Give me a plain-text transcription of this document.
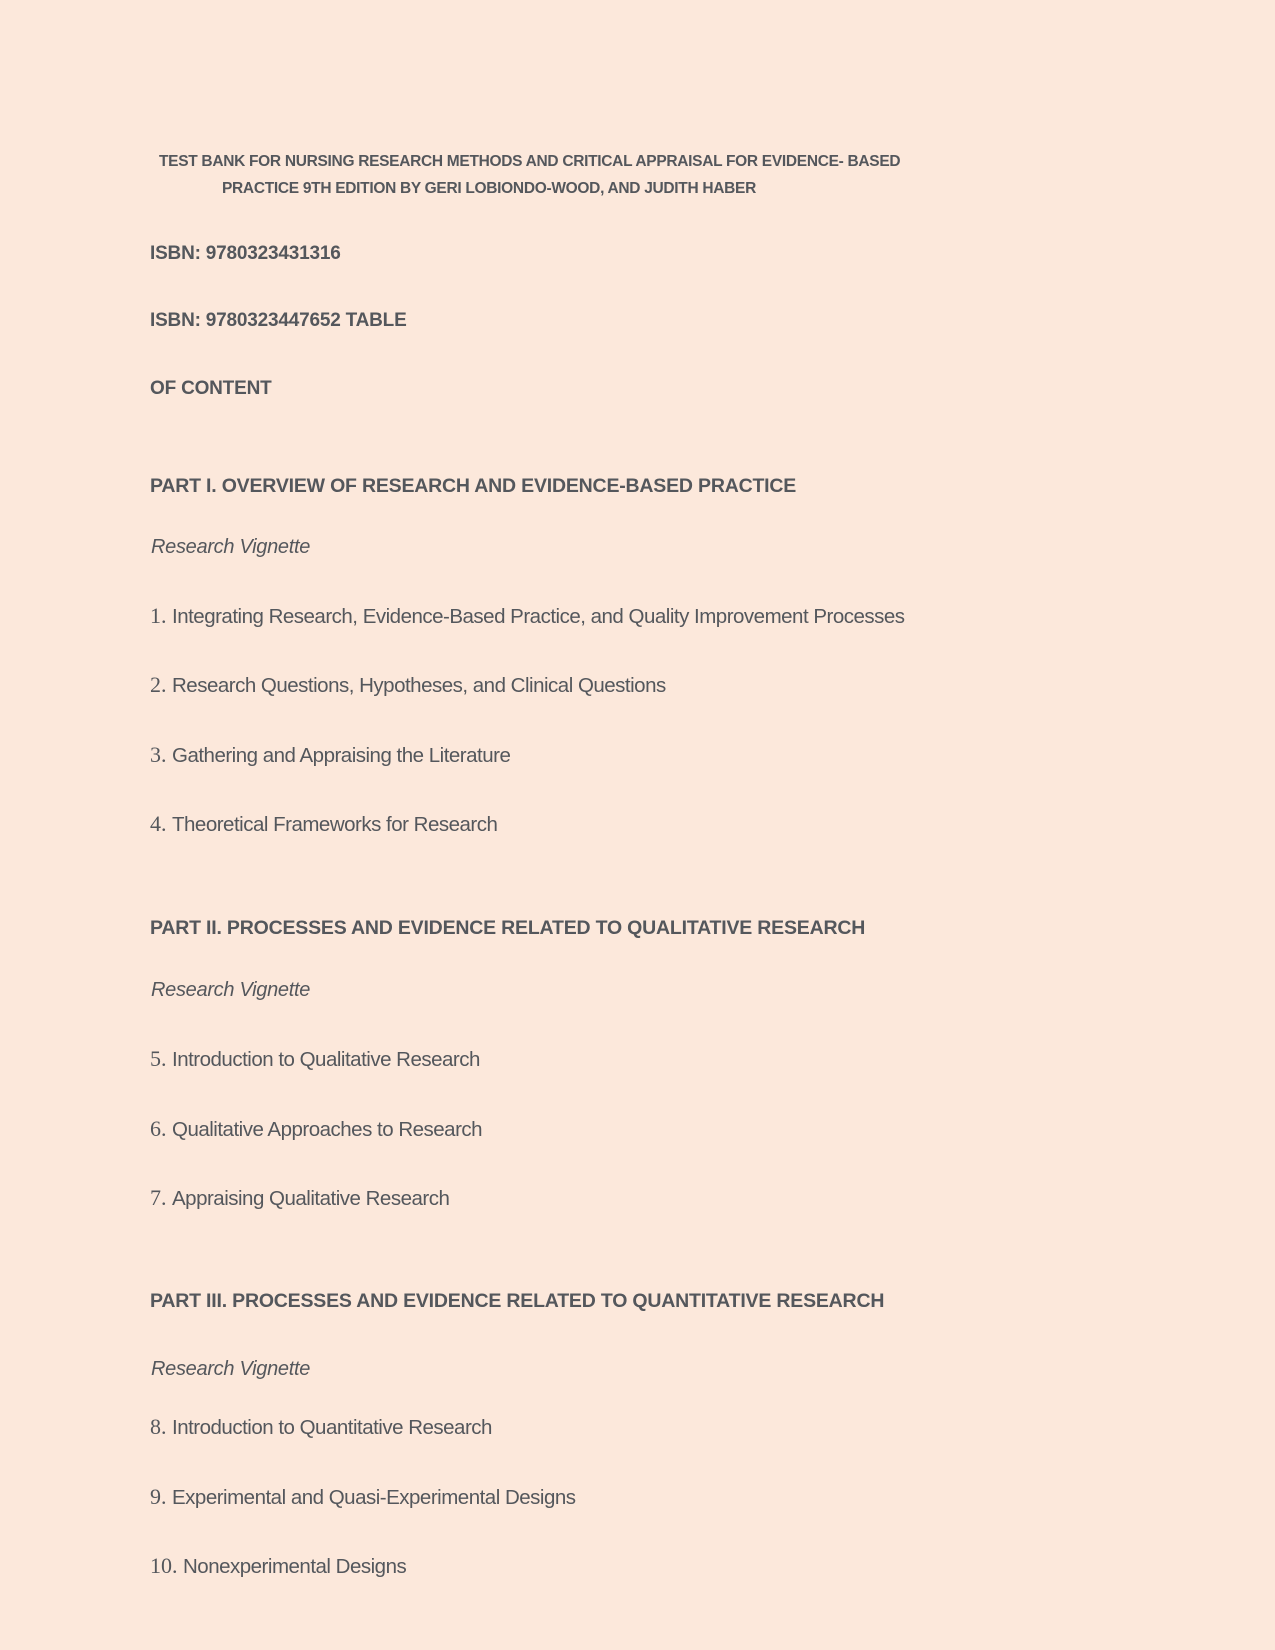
TEST BANK FOR NURSING RESEARCH METHODS AND CRITICAL APPRAISAL FOR EVIDENCE- BASED
PRACTICE 9TH EDITION BY GERI LOBIONDO-WOOD, AND JUDITH HABER
ISBN: 9780323431316
ISBN: 9780323447652 TABLE
OF CONTENT
PART I. OVERVIEW OF RESEARCH AND EVIDENCE-BASED PRACTICE
Research Vignette
1. Integrating Research, Evidence-Based Practice, and Quality Improvement Processes
2. Research Questions, Hypotheses, and Clinical Questions
3. Gathering and Appraising the Literature
4. Theoretical Frameworks for Research
PART II. PROCESSES AND EVIDENCE RELATED TO QUALITATIVE RESEARCH
Research Vignette
5. Introduction to Qualitative Research
6. Qualitative Approaches to Research
7. Appraising Qualitative Research
PART III. PROCESSES AND EVIDENCE RELATED TO QUANTITATIVE RESEARCH
Research Vignette
8. Introduction to Quantitative Research
9. Experimental and Quasi-Experimental Designs
10. Nonexperimental Designs
